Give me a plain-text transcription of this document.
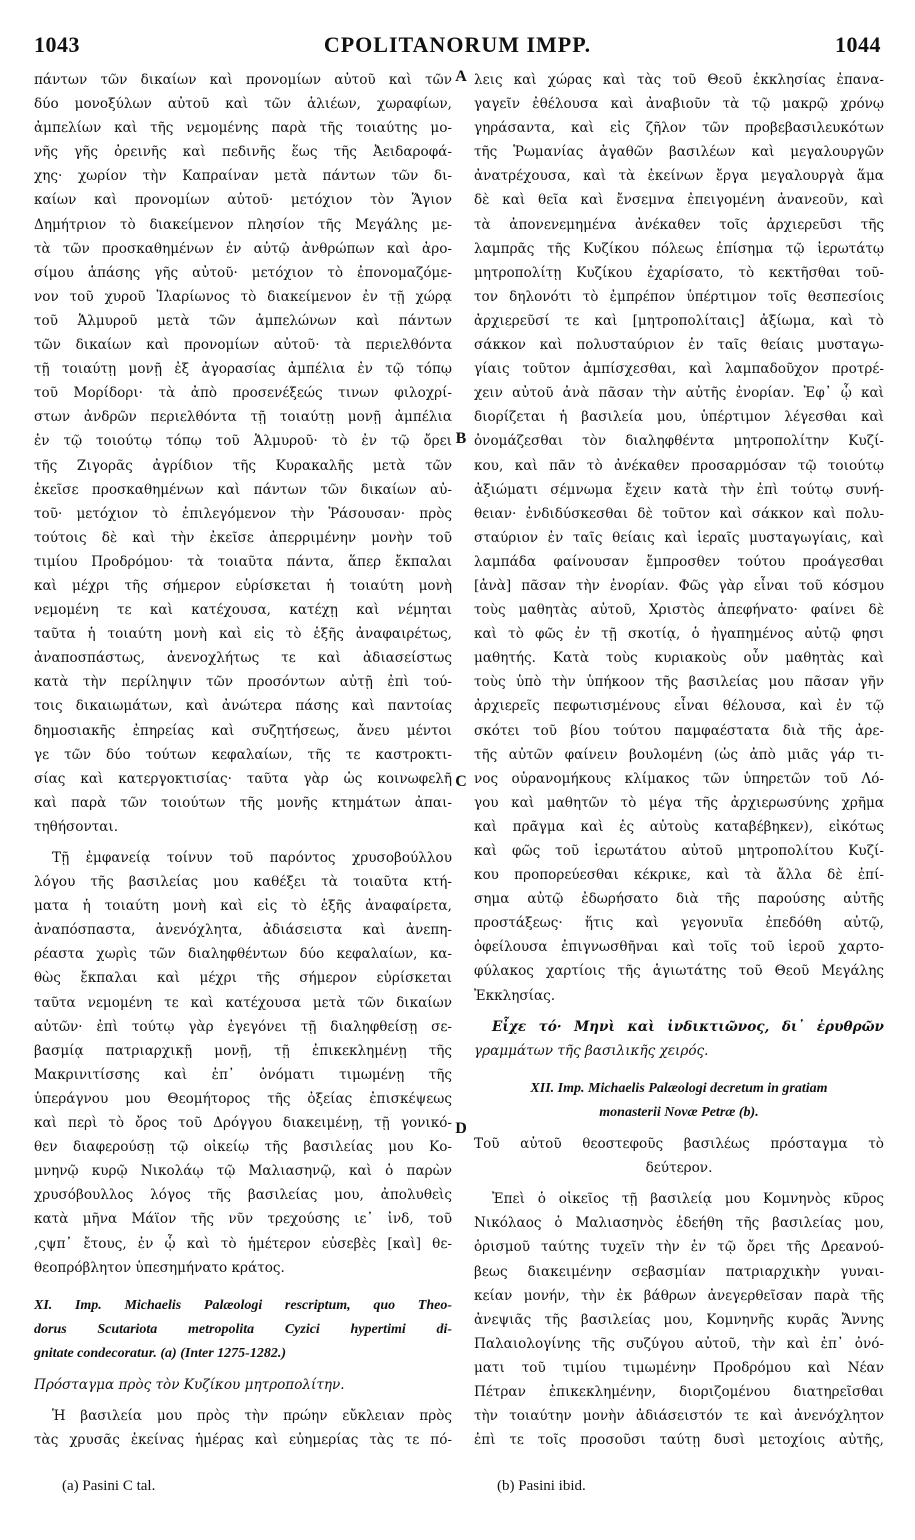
1043	CPOLITANORUM IMPP.	1044
A
B
C
D
πάντων τῶν δικαίων καὶ προνομίων αὐτοῦ καὶ τῶν
δύο μονοξύλων αὐτοῦ καὶ τῶν ἁλιέων, χωραφίων,
ἀμπελίων καὶ τῆς νεμομένης παρὰ τῆς τοιαύτης μο-
νῆς γῆς ὀρεινῆς καὶ πεδινῆς ἕως τῆς Ἀειδαροφά-
χης· χωρίον τὴν Καπραίναν μετὰ πάντων τῶν δι-
καίων καὶ προνομίων αὐτοῦ· μετόχιον τὸν Ἅγιον
Δημήτριον τὸ διακείμενον πλησίον τῆς Μεγάλης με-
τὰ τῶν προσκαθημένων ἐν αὐτῷ ἀνθρώπων καὶ ἀρο-
σίμου ἁπάσης γῆς αὐτοῦ· μετόχιον τὸ ἐπονομαζόμε-
νον τοῦ χυροῦ Ἱλαρίωνος τὸ διακείμενον ἐν τῇ χώρᾳ
τοῦ Ἁλμυροῦ μετὰ τῶν ἀμπελώνων καὶ πάντων
τῶν δικαίων καὶ προνομίων αὐτοῦ· τὰ περιελθόντα
τῇ τοιαύτῃ μονῇ ἐξ ἀγορασίας ἀμπέλια ἐν τῷ τόπῳ
τοῦ Μορίδορι· τὰ ἀπὸ προσενέξεώς τινων φιλοχρί-
στων ἀνδρῶν περιελθόντα τῇ τοιαύτῃ μονῇ ἀμπέλια
ἐν τῷ τοιούτῳ τόπῳ τοῦ Ἁλμυροῦ· τὸ ἐν τῷ ὄρει
τῆς Ζιγορᾶς ἀγρίδιον τῆς Κυρακαλῆς μετὰ τῶν
ἐκεῖσε προσκαθημένων καὶ πάντων τῶν δικαίων αὐ-
τοῦ· μετόχιον τὸ ἐπιλεγόμενον τὴν Ῥάσουσαν· πρὸς
τούτοις δὲ καὶ τὴν ἐκεῖσε ἀπερριμένην μονὴν τοῦ
τιμίου Προδρόμου· τὰ τοιαῦτα πάντα, ἅπερ ἔκπαλαι
καὶ μέχρι τῆς σήμερον εὑρίσκεται ἡ τοιαύτη μονὴ
νεμομένη τε καὶ κατέχουσα, κατέχῃ καὶ νέμηται
ταῦτα ἡ τοιαύτη μονὴ καὶ εἰς τὸ ἑξῆς ἀναφαιρέτως,
ἀναποσπάστως, ἀνενοχλήτως τε καὶ ἀδιασείστως
κατὰ τὴν περίληψιν τῶν προσόντων αὐτῇ ἐπὶ τού-
τοις δικαιωμάτων, καὶ ἀνώτερα πάσης καὶ παντοίας
δημοσιακῆς ἐπηρείας καὶ συζητήσεως, ἄνευ μέντοι
γε τῶν δύο τούτων κεφαλαίων, τῆς τε καστροκτι-
σίας καὶ κατεργοκτισίας· ταῦτα γὰρ ὡς κοινωφελῆ
καὶ παρὰ τῶν τοιούτων τῆς μονῆς κτημάτων ἀπαι-
τηθήσονται.
Τῇ ἐμφανείᾳ τοίνυν τοῦ παρόντος χρυσοβούλλου
λόγου τῆς βασιλείας μου καθέξει τὰ τοιαῦτα κτή-
ματα ἡ τοιαύτη μονὴ καὶ εἰς τὸ ἑξῆς ἀναφαίρετα,
ἀναπόσπαστα, ἀνενόχλητα, ἀδιάσειστα καὶ ἀνεπη-
ρέαστα χωρὶς τῶν διαληφθέντων δύο κεφαλαίων, κα-
θὼς ἔκπαλαι καὶ μέχρι τῆς σήμερον εὑρίσκεται
ταῦτα νεμομένη τε καὶ κατέχουσα μετὰ τῶν δικαίων
αὐτῶν· ἐπὶ τούτῳ γὰρ ἐγεγόνει τῇ διαληφθείσῃ σε-
βασμίᾳ πατριαρχικῇ μονῇ, τῇ ἐπικεκλημένῃ τῆς
Μακρινιτίσσης καὶ ἐπ᾿ ὀνόματι τιμωμένῃ τῆς
ὑπεράγνου μου Θεομήτορος τῆς ὀξείας ἐπισκέψεως
καὶ περὶ τὸ ὄρος τοῦ Δρόγγου διακειμένῃ, τῇ γονικό-
θεν διαφερούσῃ τῷ οἰκείῳ τῆς βασιλείας μου Κο-
μνηνῷ κυρῷ Νικολάῳ τῷ Μαλιασηνῷ, καὶ ὁ παρὼν
χρυσόβουλλος λόγος τῆς βασιλείας μου, ἀπολυθεὶς
κατὰ μῆνα Μάϊον τῆς νῦν τρεχούσης ιε᾿ ἰνδ, τοῦ
,ςψπ᾿ ἔτους, ἐν ᾧ καὶ τὸ ἡμέτερον εὐσεβὲς [καὶ] θε-
θεοπρόβλητον ὑπεσημήνατο κράτος.
XI. Imp. Michaelis Palæologi rescriptum, quo Theo-
dorus Scutariota metropolita Cyzici hypertimi di-
gnitate condecoratur. (a) (Inter 1275-1282.)
Πρόσταγμα πρὸς τὸν Κυζίκου μητροπολίτην.
Ἡ βασιλεία μου πρὸς τὴν πρώην εὔκλειαν πρὸς
τὰς χρυσᾶς ἐκείνας ἡμέρας καὶ εὐημερίας τὰς τε πό-
λεις καὶ χώρας καὶ τὰς τοῦ Θεοῦ ἐκκλησίας ἐπανα-
γαγεῖν ἐθέλουσα καὶ ἀναβιοῦν τὰ τῷ μακρῷ χρόνῳ
γηράσαντα, καὶ εἰς ζῆλον τῶν προβεβασιλευκότων
τῆς Ῥωμανίας ἀγαθῶν βασιλέων καὶ μεγαλουργῶν
ἀνατρέχουσα, καὶ τὰ ἐκείνων ἔργα μεγαλουργὰ ἅμα
δὲ καὶ θεῖα καὶ ἔνσεμνα ἐπειγομένη ἀνανεοῦν, καὶ
τὰ ἀπονενεμημένα ἀνέκαθεν τοῖς ἀρχιερεῦσι τῆς
λαμπρᾶς τῆς Κυζίκου πόλεως ἐπίσημα τῷ ἱερωτάτῳ
μητροπολίτῃ Κυζίκου ἐχαρίσατο, τὸ κεκτῆσθαι τοῦ-
τον δηλονότι τὸ ἐμπρέπον ὑπέρτιμον τοῖς θεσπεσίοις
ἀρχιερεῦσί τε καὶ [μητροπολίταις] ἀξίωμα, καὶ τὸ
σάκκον καὶ πολυσταύριον ἐν ταῖς θείαις μυσταγω-
γίαις τοῦτον ἀμπίσχεσθαι, καὶ λαμπαδοῦχον προτρέ-
χειν αὐτοῦ ἀνὰ πᾶσαν τὴν αὐτῆς ἐνορίαν. Ἐφ᾿ ᾧ καὶ
διορίζεται ἡ βασιλεία μου, ὑπέρτιμον λέγεσθαι καὶ
ὀνομάζεσθαι τὸν διαληφθέντα μητροπολίτην Κυζί-
κου, καὶ πᾶν τὸ ἀνέκαθεν προσαρμόσαν τῷ τοιούτῳ
ἀξιώματι σέμνωμα ἔχειν κατὰ τὴν ἐπὶ τούτῳ συνή-
θειαν· ἐνδιδύσκεσθαι δὲ τοῦτον καὶ σάκκον καὶ πολυ-
σταύριον ἐν ταῖς θείαις καὶ ἱεραῖς μυσταγωγίαις, καὶ
λαμπάδα φαίνουσαν ἔμπροσθεν τούτου προάγεσθαι
[ἀνὰ] πᾶσαν τὴν ἐνορίαν. Φῶς γὰρ εἶναι τοῦ κόσμου
τοὺς μαθητὰς αὐτοῦ, Χριστὸς ἀπεφήνατο· φαίνει δὲ
καὶ τὸ φῶς ἐν τῇ σκοτίᾳ, ὁ ἠγαπημένος αὐτῷ φησι
μαθητής. Κατὰ τοὺς κυριακοὺς οὖν μαθητὰς καὶ
τοὺς ὑπὸ τὴν ὑπήκοον τῆς βασιλείας μου πᾶσαν γῆν
ἀρχιερεῖς πεφωτισμένους εἶναι θέλουσα, καὶ ἐν τῷ
σκότει τοῦ βίου τούτου παμφαέστατα διὰ τῆς ἀρε-
τῆς αὐτῶν φαίνειν βουλομένη (ὡς ἀπὸ μιᾶς γάρ τι-
νος οὐρανομήκους κλίμακος τῶν ὑπηρετῶν τοῦ Λό-
γου καὶ μαθητῶν τὸ μέγα τῆς ἀρχιερωσύνης χρῆμα
καὶ πρᾶγμα καὶ ἐς αὐτοὺς καταβέβηκεν), εἰκότως
καὶ φῶς τοῦ ἱερωτάτου αὐτοῦ μητροπολίτου Κυζί-
κου προπορεύεσθαι κέκρικε, καὶ τὰ ἄλλα δὲ ἐπί-
σημα αὐτῷ ἐδωρήσατο διὰ τῆς παρούσης αὐτῆς
προστάξεως· ἥτις καὶ γεγονυῖα ἐπεδόθη αὐτῷ,
ὀφείλουσα ἐπιγνωσθῆναι καὶ τοῖς τοῦ ἱεροῦ χαρτο-
φύλακος χαρτίοις τῆς ἁγιωτάτης τοῦ Θεοῦ Μεγάλης
Ἐκκλησίας.
Εἶχε τό· Μηνὶ καὶ ἰνδικτιῶνος, δι᾿ ἐρυθρῶν
γραμμάτων τῆς βασιλικῆς χειρός.
XII. Imp. Michaelis Palæologi decretum in gratiam
monasterii Novæ Petræ (b).
Τοῦ αὐτοῦ θεοστεφοῦς βασιλέως πρόσταγμα τὸ
δεύτερον.
Ἐπεὶ ὁ οἰκεῖος τῇ βασιλείᾳ μου Κομνηνὸς κῦρος
Νικόλαος ὁ Μαλιασηνὸς ἐδεήθη τῆς βασιλείας μου,
ὁρισμοῦ ταύτης τυχεῖν τὴν ἐν τῷ ὄρει τῆς Δρεανού-
βεως διακειμένην σεβασμίαν πατριαρχικὴν γυναι-
κείαν μονήν, τὴν ἐκ βάθρων ἀνεγερθεῖσαν παρὰ τῆς
ἀνεψιᾶς τῆς βασιλείας μου, Κομνηνῆς κυρᾶς Ἄννης
Παλαιολογίνης τῆς συζύγου αὐτοῦ, τὴν καὶ ἐπ᾿ ὀνό-
ματι τοῦ τιμίου τιμωμένην Προδρόμου καὶ Νέαν
Πέτραν ἐπικεκλημένην, διοριζομένου διατηρεῖσθαι
τὴν τοιαύτην μονὴν ἀδιάσειστόν τε καὶ ἀνενόχλητον
ἐπὶ τε τοῖς προσοῦσι ταύτῃ δυσὶ μετοχίοις αὐτῆς,
(a) Pasini C tal.	(b) Pasini ibid.
